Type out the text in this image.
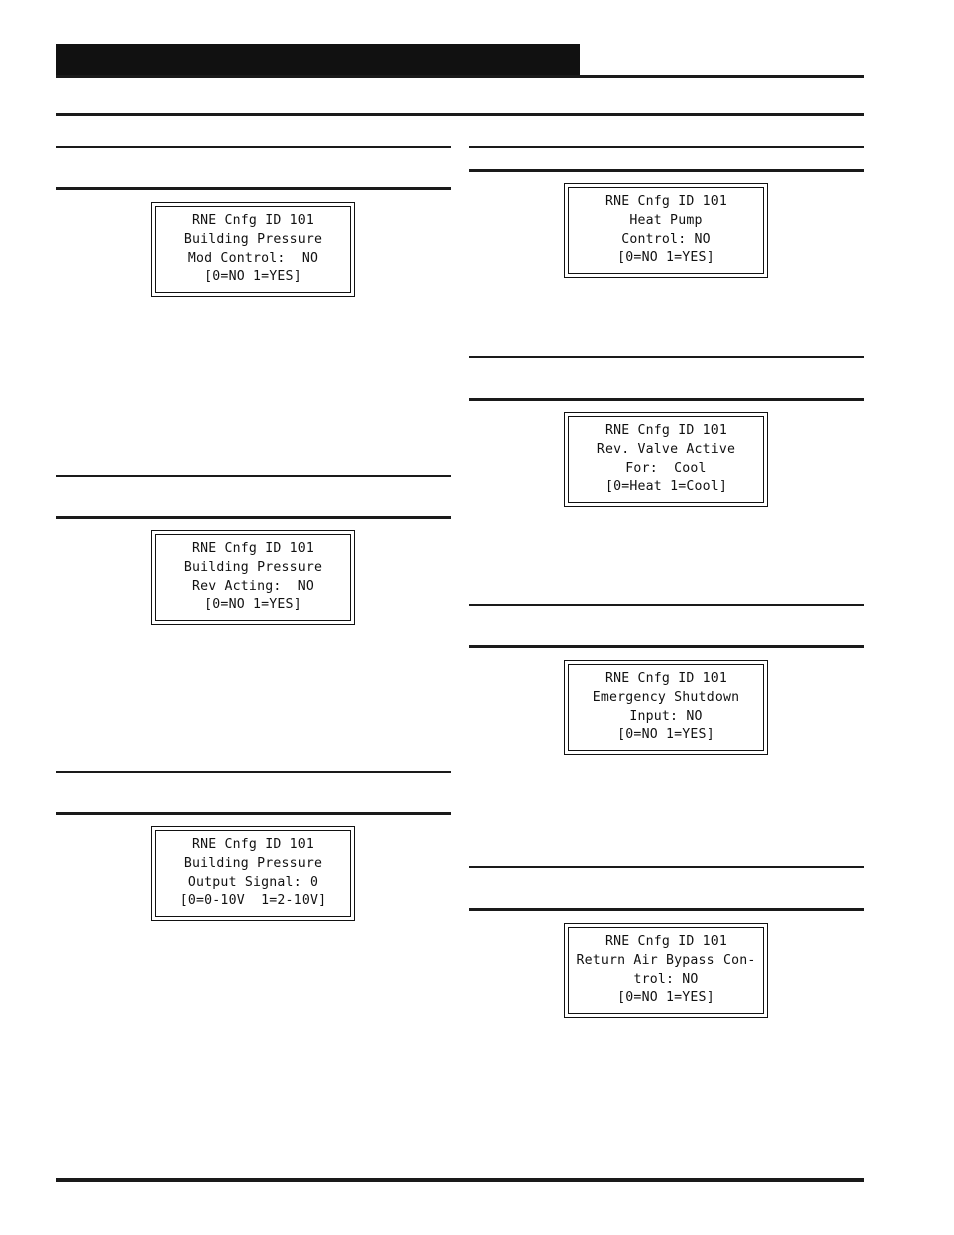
RNE Cnfg ID 101
Building Pressure
Mod Control:  NO
[0=NO 1=YES]
RNE Cnfg ID 101
Building Pressure
Rev Acting:  NO
[0=NO 1=YES]
RNE Cnfg ID 101
Building Pressure
Output Signal: 0
[0=0-10V  1=2-10V]
RNE Cnfg ID 101
Heat Pump
Control: NO
[0=NO 1=YES]
RNE Cnfg ID 101
Rev. Valve Active
For:  Cool
[0=Heat 1=Cool]
RNE Cnfg ID 101
Emergency Shutdown
Input: NO
[0=NO 1=YES]
RNE Cnfg ID 101
Return Air Bypass Con-
trol: NO
[0=NO 1=YES]
